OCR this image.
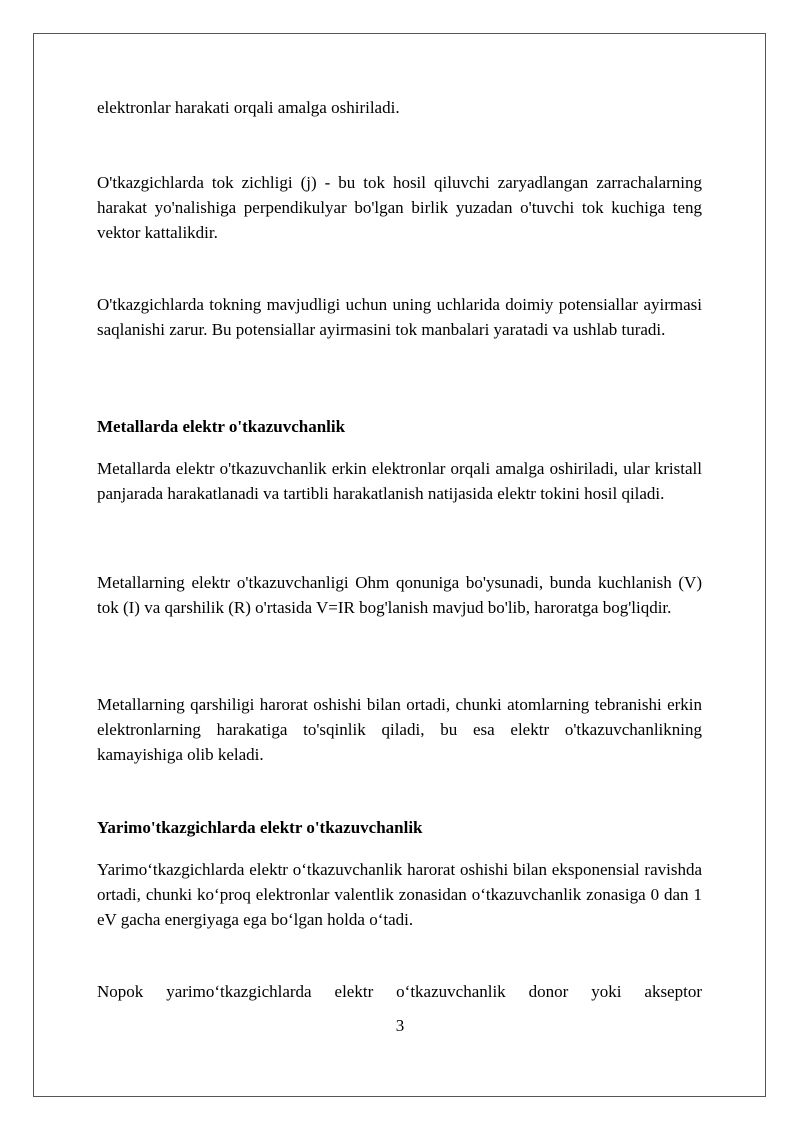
elektronlar harakati orqali amalga oshiriladi.

O'tkazgichlarda tok zichligi (j) - bu tok hosil qiluvchi zaryadlangan zarrachalarning harakat yo'nalishiga perpendikulyar bo'lgan birlik yuzadan o'tuvchi tok kuchiga teng vektor kattalikdir.

O'tkazgichlarda tokning mavjudligi uchun uning uchlarida doimiy potensiallar ayirmasi saqlanishi zarur. Bu potensiallar ayirmasini tok manbalari yaratadi va ushlab turadi.

Metallarda elektr o'tkazuvchanlik

Metallarda elektr o'tkazuvchanlik erkin elektronlar orqali amalga oshiriladi, ular kristall panjarada harakatlanadi va tartibli harakatlanish natijasida elektr tokini hosil qiladi.

Metallarning elektr o'tkazuvchanligi Ohm qonuniga bo'ysunadi, bunda kuchlanish (V) tok (I) va qarshilik (R) o'rtasida V=IR bog'lanish mavjud bo'lib, haroratga bog'liqdir.

Metallarning qarshiligi harorat oshishi bilan ortadi, chunki atomlarning tebranishi erkin elektronlarning harakatiga to'sqinlik qiladi, bu esa elektr o'tkazuvchanlikning kamayishiga olib keladi.

Yarimo'tkazgichlarda elektr o'tkazuvchanlik

Yarimo‘tkazgichlarda elektr o‘tkazuvchanlik harorat oshishi bilan eksponensial ravishda ortadi, chunki ko‘proq elektronlar valentlik zonasidan o‘tkazuvchanlik zonasiga 0 dan 1 eV gacha energiyaga ega bo‘lgan holda o‘tadi.

Nopok yarimo‘tkazgichlarda elektr o‘tkazuvchanlik donor yoki akseptor

3
